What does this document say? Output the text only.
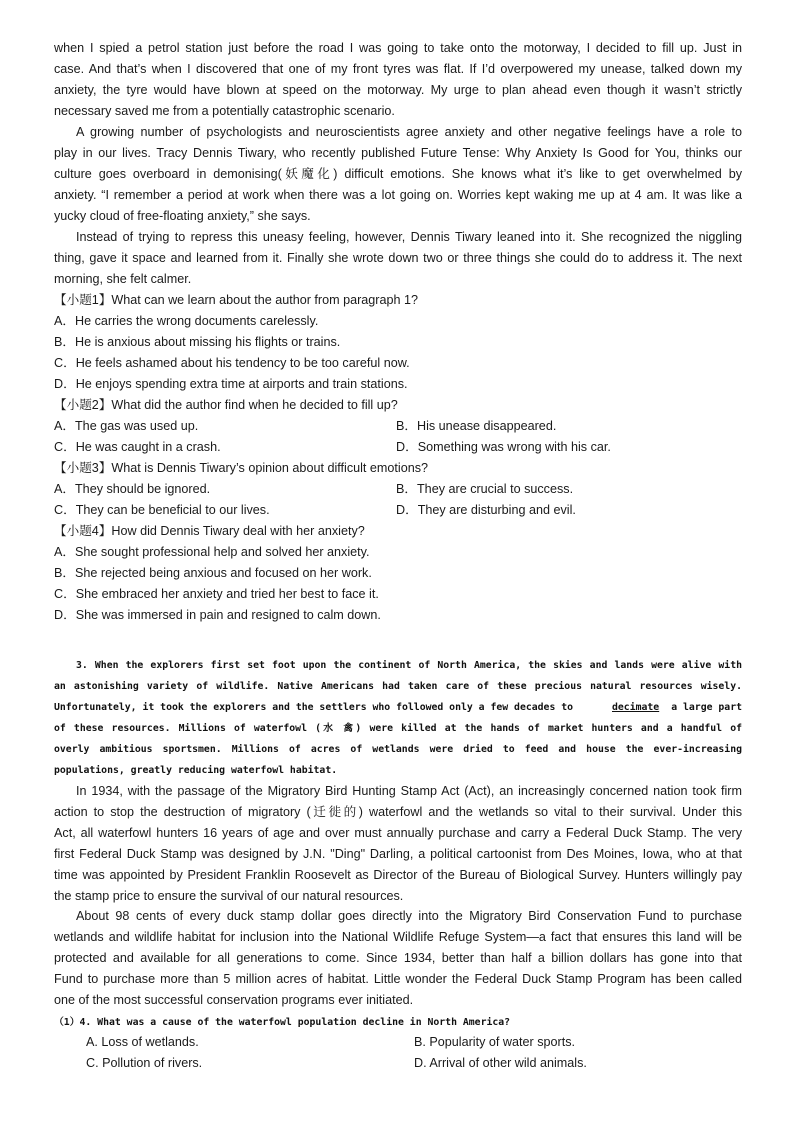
when I spied a petrol station just before the road I was going to take onto the motorway, I decided to fill up. Just in
case. And that’s when I discovered that one of my front tyres was flat. If I’d overpowered my unease, talked down my
anxiety, the tyre would have blown at speed on the motorway. My urge to plan ahead even though it wasn’t strictly
necessary saved me from a potentially catastrophic scenario.
A growing number of psychologists and neuroscientists agree anxiety and other negative feelings have a role to
play in our lives. Tracy Dennis Tiwary, who recently published Future Tense: Why Anxiety Is Good for You, thinks our
culture goes overboard in demonising(妖魔化) difficult emotions. She knows what it’s like to get overwhelmed by
anxiety. “I remember a period at work when there was a lot going on. Worries kept waking me up at 4 am. It was like a
yucky cloud of free-floating anxiety,” she says.
Instead of trying to repress this uneasy feeling, however, Dennis Tiwary leaned into it. She recognized the niggling
thing, gave it space and learned from it. Finally she wrote down two or three things she could do to address it. The next
morning, she felt calmer.
【小题1】What can we learn about the author from paragraph 1?
A．He carries the wrong documents carelessly.
B．He is anxious about missing his flights or trains.
C．He feels ashamed about his tendency to be too careful now.
D．He enjoys spending extra time at airports and train stations.
【小题2】What did the author find when he decided to fill up?
A．The gas was used up.	B．His unease disappeared.
C．He was caught in a crash.	D．Something was wrong with his car.
【小题3】What is Dennis Tiwary’s opinion about difficult emotions?
A．They should be ignored.	B．They are crucial to success.
C．They can be beneficial to our lives.	D．They are disturbing and evil.
【小题4】How did Dennis Tiwary deal with her anxiety?
A．She sought professional help and solved her anxiety.
B．She rejected being anxious and focused on her work.
C．She embraced her anxiety and tried her best to face it.
D．She was immersed in pain and resigned to calm down.
3. When the explorers first set foot upon the continent of North America, the skies and lands were alive with
an astonishing variety of wildlife. Native Americans had taken care of these precious natural resources wisely.
Unfortunately, it took the explorers and the settlers who followed only a few decades to	decimate	a large part
of these resources. Millions of waterfowl (水 禽) were killed at the hands of market hunters and a handful of
overly ambitious sportsmen. Millions of acres of wetlands were dried to feed and house the ever-increasing
populations, greatly reducing waterfowl habitat.
In 1934, with the passage of the Migratory Bird Hunting Stamp Act (Act), an increasingly concerned nation took firm
action to stop the destruction of migratory (迁徙的) waterfowl and the wetlands so vital to their survival. Under this
Act, all waterfowl hunters 16 years of age and over must annually purchase and carry a Federal Duck Stamp. The very
first Federal Duck Stamp was designed by J.N. "Ding" Darling, a political cartoonist from Des Moines, Iowa, who at that
time was appointed by President Franklin Roosevelt as Director of the Bureau of Biological Survey. Hunters willingly pay
the stamp price to ensure the survival of our natural resources.
About 98 cents of every duck stamp dollar goes directly into the Migratory Bird Conservation Fund to purchase
wetlands and wildlife habitat for inclusion into the National Wildlife Refuge System—a fact that ensures this land will be
protected and available for all generations to come. Since 1934, better than half a billion dollars has gone into that
Fund to purchase more than 5 million acres of habitat. Little wonder the Federal Duck Stamp Program has been called
one of the most successful conservation programs ever initiated.
（1）4. What was a cause of the waterfowl population decline in North America?
A. Loss of wetlands.	B. Popularity of water sports.
C. Pollution of rivers.	D. Arrival of other wild animals.
